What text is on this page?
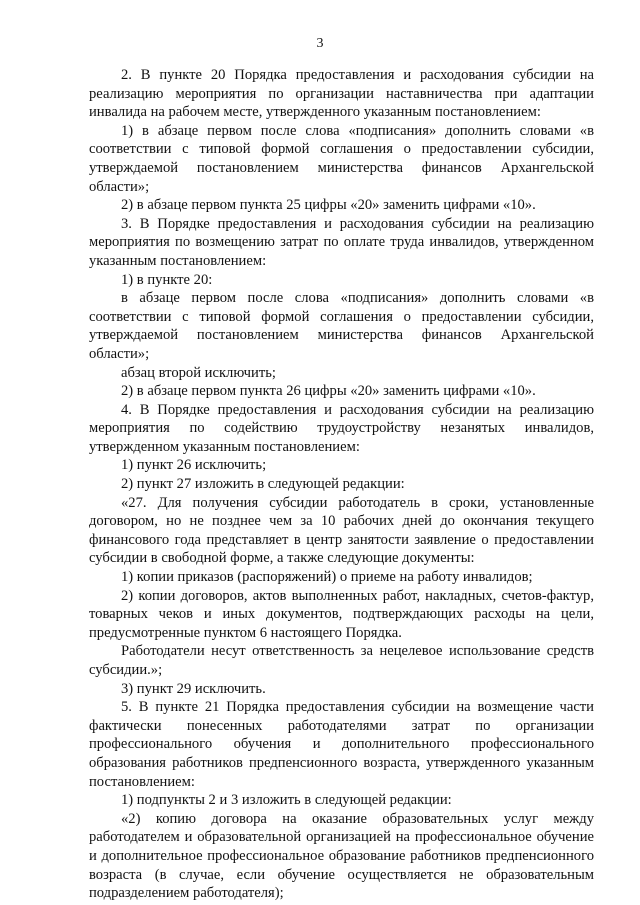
3

2. В пункте 20 Порядка предоставления и расходования субсидии на реализацию мероприятия по организации наставничества при адаптации инвалида на рабочем месте, утвержденного указанным постановлением:

1) в абзаце первом после слова «подписания» дополнить словами «в соответствии с типовой формой соглашения о предоставлении субсидии, утверждаемой постановлением министерства финансов Архангельской области»;

2) в абзаце первом пункта 25 цифры «20» заменить цифрами «10».

3. В Порядке предоставления и расходования субсидии на реализацию мероприятия по возмещению затрат по оплате труда инвалидов, утвержденном указанным постановлением:

1) в пункте 20:

в абзаце первом после слова «подписания» дополнить словами «в соответствии с типовой формой соглашения о предоставлении субсидии, утверждаемой постановлением министерства финансов Архангельской области»;

абзац второй исключить;

2) в абзаце первом пункта 26 цифры «20» заменить цифрами «10».

4. В Порядке предоставления и расходования субсидии на реализацию мероприятия по содействию трудоустройству незанятых инвалидов, утвержденном указанным постановлением:

1) пункт 26 исключить;

2) пункт 27 изложить в следующей редакции:

«27. Для получения субсидии работодатель в сроки, установленные договором, но не позднее чем за 10 рабочих дней до окончания текущего финансового года представляет в центр занятости заявление о предоставлении субсидии в свободной форме, а также следующие документы:

1) копии приказов (распоряжений) о приеме на работу инвалидов;

2) копии договоров, актов выполненных работ, накладных, счетов-фактур, товарных чеков и иных документов, подтверждающих расходы на цели, предусмотренные пунктом 6 настоящего Порядка.

Работодатели несут ответственность за нецелевое использование средств субсидии.»;

3) пункт 29 исключить.

5. В пункте 21 Порядка предоставления субсидии на возмещение части фактически понесенных работодателями затрат по организации профессионального обучения и дополнительного профессионального образования работников предпенсионного возраста, утвержденного указанным постановлением:

1) подпункты 2 и 3 изложить в следующей редакции:

«2) копию договора на оказание образовательных услуг между работодателем и образовательной организацией на профессиональное обучение и дополнительное профессиональное образование работников предпенсионного возраста (в случае, если обучение осуществляется не образовательным подразделением работодателя);
